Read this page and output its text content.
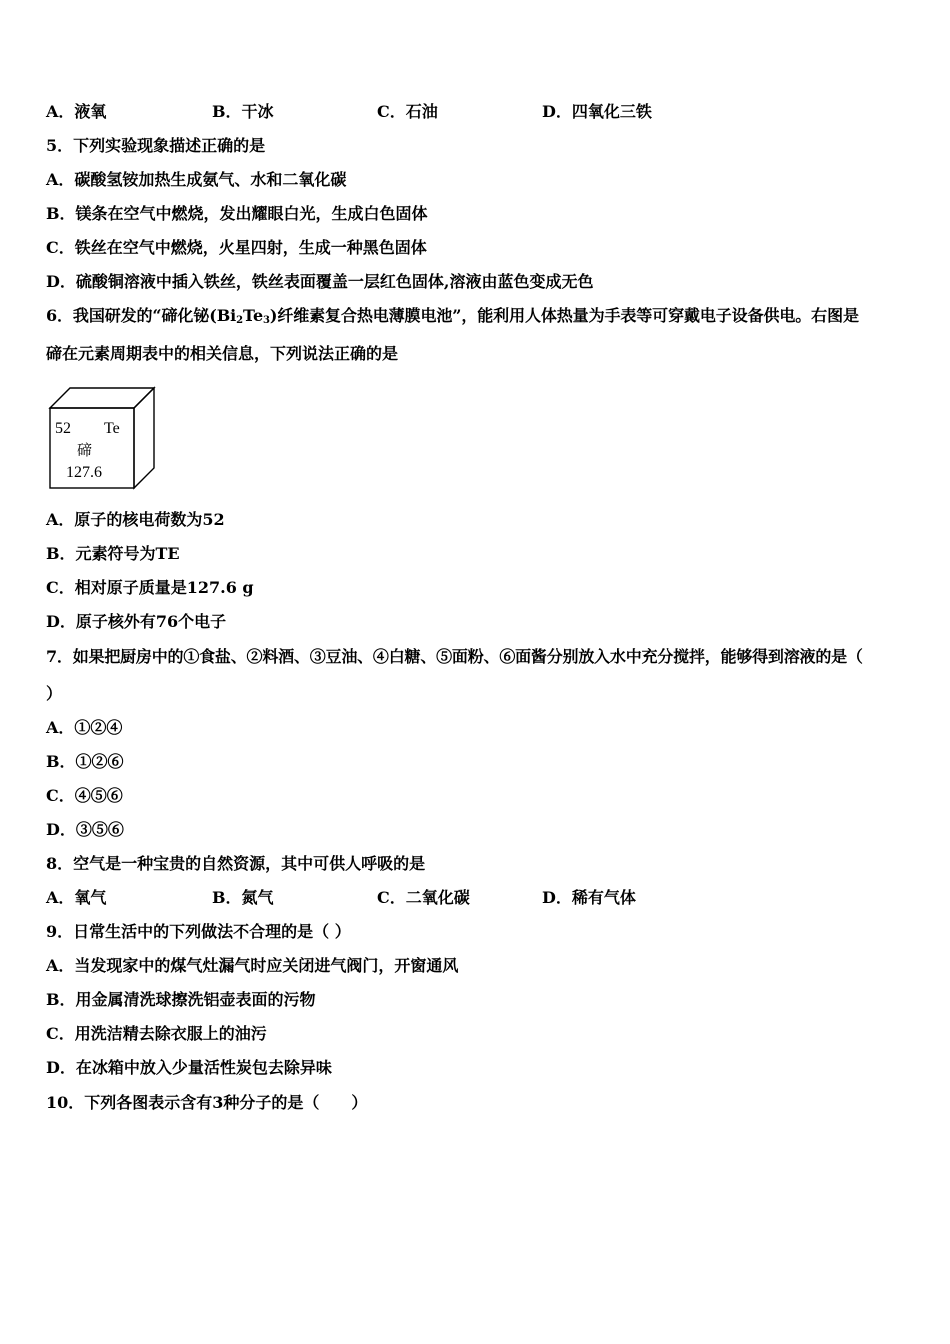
A．液氧	B．干冰	C．石油	D．四氧化三铁
5．下列实验现象描述正确的是
A．碳酸氢铵加热生成氨气、水和二氧化碳
B．镁条在空气中燃烧，发出耀眼白光，生成白色固体
C．铁丝在空气中燃烧，火星四射，生成一种黑色固体
D．硫酸铜溶液中插入铁丝，铁丝表面覆盖一层红色固体,溶液由蓝色变成无色
6．我国研发的“碲化铋$(Bi_2Te_3)$纤维素复合热电薄膜电池”，能利用人体热量为手表等可穿戴电子设备供电。右图是
碲在元素周期表中的相关信息，下列说法正确的是
52 Te
碲
127.6
A．原子的核电荷数为52
B．元素符号为TE
C．相对原子质量是127.6 g
D．原子核外有76个电子
7．如果把厨房中的①食盐、②料酒、③豆油、④白糖、⑤面粉、⑥面酱分别放入水中充分搅拌，能够得到溶液的是（
）
A．①②④
B．①②⑥
C．④⑤⑥
D．③⑤⑥
8．空气是一种宝贵的自然资源，其中可供人呼吸的是
A．氧气	B．氮气	C．二氧化碳	D．稀有气体
9．日常生活中的下列做法不合理的是（ ）
A．当发现家中的煤气灶漏气时应关闭进气阀门，开窗通风
B．用金属清洗球擦洗铝壶表面的污物
C．用洗洁精去除衣服上的油污
D．在冰箱中放入少量活性炭包去除异味
10．下列各图表示含有3种分子的是（　　）
